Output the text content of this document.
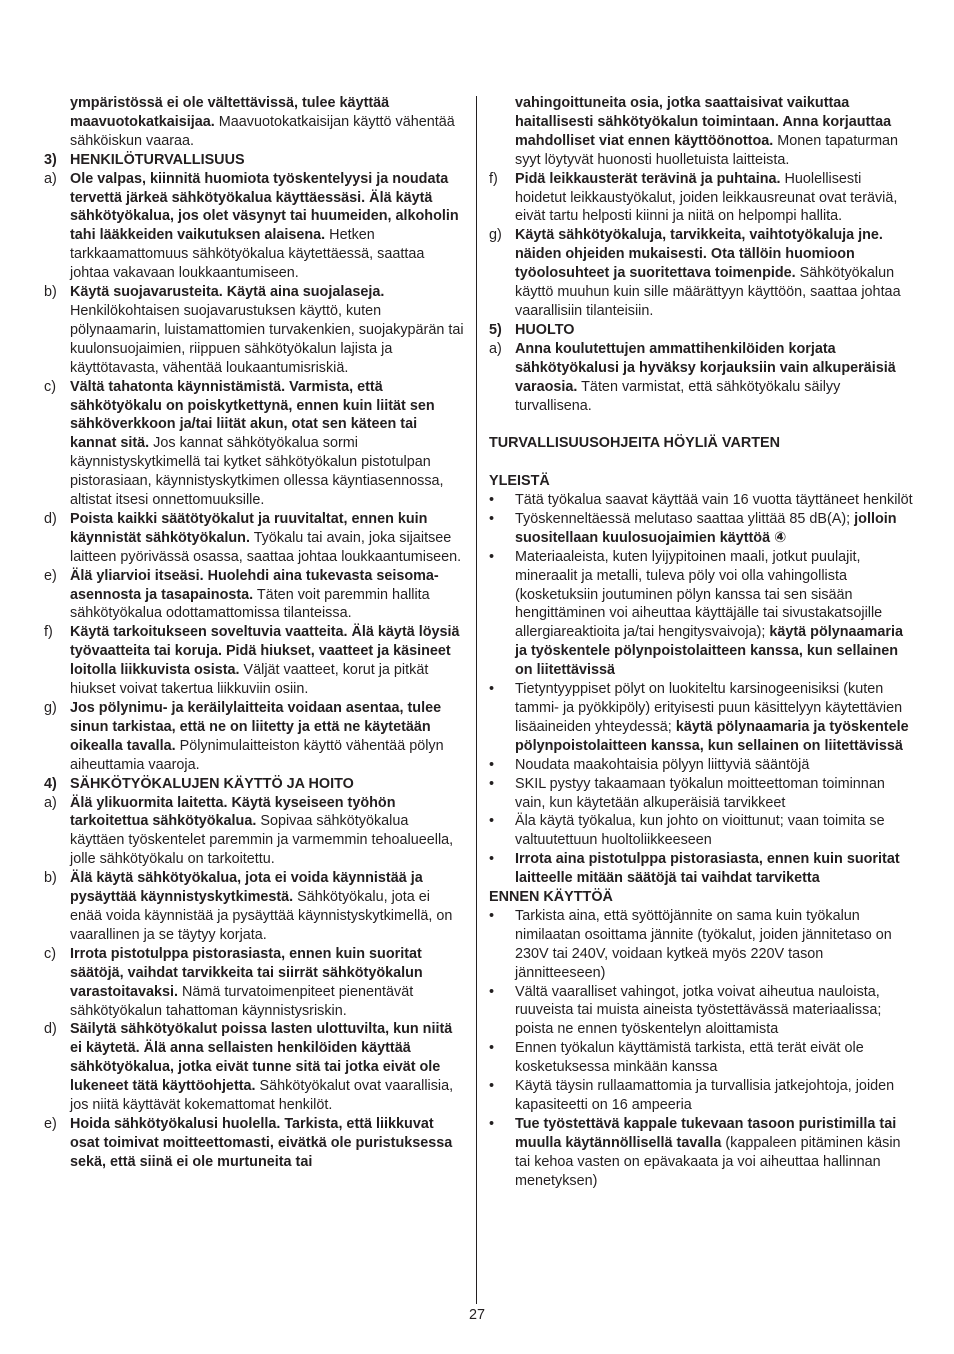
ympäristössä ei ole vältettävissä, tulee käyttää maavuotokatkaisijaa. Maavuotokatkaisijan käyttö vähentää sähköiskun vaaraa.

3) HENKILÖTURVALLISUUS
a) Ole valpas, kiinnitä huomiota työskentelyysi ja noudata tervettä järkeä sähkötyökalua käyttäessäsi. Älä käytä sähkötyökalua, jos olet väsynyt tai huumeiden, alkoholin tahi lääkkeiden vaikutuksen alaisena. Hetken tarkkaamattomuus sähkötyökalua käytettäessä, saattaa johtaa vakavaan loukkaantumiseen.
b) Käytä suojavarusteita. Käytä aina suojalaseja. Henkilökohtaisen suojavarustuksen käyttö, kuten pölynaamarin, luistamattomien turvakenkien, suojakypärän tai kuulonsuojaimien, riippuen sähkötyökalun lajista ja käyttötavasta, vähentää loukaantumisriskiä.
c) Vältä tahatonta käynnistämistä. Varmista, että sähkötyökalu on poiskytkettynä, ennen kuin liität sen sähköverkkoon ja/tai liität akun, otat sen käteen tai kannat sitä. Jos kannat sähkötyökalua sormi käynnistyskytkimellä tai kytket sähkötyökalun pistotulpan pistorasiaan, käynnistyskytkimen ollessa käyntiasennossa, altistat itsesi onnettomuuksille.
d) Poista kaikki säätötyökalut ja ruuvitaltat, ennen kuin käynnistät sähkötyökalun. Työkalu tai avain, joka sijaitsee laitteen pyörivässä osassa, saattaa johtaa loukkaantumiseen.
e) Älä yliarvioi itseäsi. Huolehdi aina tukevasta seisoma-asennosta ja tasapainosta. Täten voit paremmin hallita sähkötyökalua odottamattomissa tilanteissa.
f)	Käytä tarkoitukseen soveltuvia vaatteita. Älä käytä löysiä työvaatteita tai koruja. Pidä hiukset, vaatteet ja käsineet loitolla liikkuvista osista. Väljät vaatteet, korut ja pitkät hiukset voivat takertua liikkuviin osiin.
g) Jos pölynimu- ja keräilylaitteita voidaan asentaa, tulee sinun tarkistaa, että ne on liitetty ja että ne käytetään oikealla tavalla. Pölynimulaitteiston käyttö vähentää pölyn aiheuttamia vaaroja.
4) SÄHKÖTYÖKALUJEN KÄYTTÖ JA HOITO
a) Älä ylikuormita laitetta. Käytä kyseiseen työhön tarkoitettua sähkötyökalua. Sopivaa sähkötyökalua käyttäen työskentelet paremmin ja varmemmin tehoalueella, jolle sähkötyökalu on tarkoitettu.
b) Älä käytä sähkötyökalua, jota ei voida käynnistää ja pysäyttää käynnistyskytkimestä. Sähkötyökalu, jota ei enää voida käynnistää ja pysäyttää käynnistyskytkimellä, on vaarallinen ja se täytyy korjata.
c) Irrota pistotulppa pistorasiasta, ennen kuin suoritat säätöjä, vaihdat tarvikkeita tai siirrät sähkötyökalun varastoitavaksi. Nämä turvatoimenpiteet pienentävät sähkötyökalun tahattoman käynnistysriskin.
d) Säilytä sähkötyökalut poissa lasten ulottuvilta, kun niitä ei käytetä. Älä anna sellaisten henkilöiden käyttää sähkötyökalua, jotka eivät tunne sitä tai jotka eivät ole lukeneet tätä käyttöohjetta. Sähkötyökalut ovat vaarallisia, jos niitä käyttävät kokemattomat henkilöt.
e) Hoida sähkötyökalusi huolella. Tarkista, että liikkuvat osat toimivat moitteettomasti, eivätkä ole puristuksessa sekä, että siinä ei ole murtuneita tai

vahingoittuneita osia, jotka saattaisivat vaikuttaa haitallisesti sähkötyökalun toimintaan. Anna korjauttaa mahdolliset viat ennen käyttöönottoa. Monen tapaturman syyt löytyvät huonosti huolletuista laitteista.

f)	Pidä leikkausterät terävinä ja puhtaina. Huolellisesti hoidetut leikkaustyökalut, joiden leikkausreunat ovat teräviä, eivät tartu helposti kiinni ja niitä on helpompi hallita.
g) Käytä sähkötyökaluja, tarvikkeita, vaihtotyökaluja jne. näiden ohjeiden mukaisesti. Ota tällöin huomioon työolosuhteet ja suoritettava toimenpide. Sähkötyökalun käyttö muuhun kuin sille määrättyyn käyttöön, saattaa johtaa vaarallisiin tilanteisiin.
5) HUOLTO
a) Anna koulutettujen ammattihenkilöiden korjata sähkötyökalusi ja hyväksy korjauksiin vain alkuperäisiä varaosia. Täten varmistat, että sähkötyökalu säilyy turvallisena.

TURVALLISUUSOHJEITA HÖYLIÄ VARTEN

YLEISTÄ

•	Tätä työkalua saavat käyttää vain 16 vuotta täyttäneet henkilöt
•	Työskenneltäessä melutaso saattaa ylittää 85 dB(A); jolloin suositellaan kuulosuojaimien käyttöä ④
•	Materiaaleista, kuten lyijypitoinen maali, jotkut puulajit, mineraalit ja metalli, tuleva pöly voi olla vahingollista (kosketuksiin joutuminen pölyn kanssa tai sen sisään hengittäminen voi aiheuttaa käyttäjälle tai sivustakatsojille allergiareaktioita ja/tai hengitysvaivoja); käytä pölynaamaria ja työskentele pölynpoistolaitteen kanssa, kun sellainen on liitettävissä
•	Tietyntyyppiset pölyt on luokiteltu karsinogeenisiksi (kuten tammi- ja pyökkipöly) erityisesti puun käsittelyyn käytettävien lisäaineiden yhteydessä; käytä pölynaamaria ja työskentele pölynpoistolaitteen kanssa, kun sellainen on liitettävissä
•	Noudata maakohtaisia pölyyn liittyviä sääntöjä
•	SKIL pystyy takaamaan työkalun moitteettoman toiminnan vain, kun käytetään alkuperäisiä tarvikkeet
•	Äla käytä työkalua, kun johto on vioittunut; vaan toimita se valtuutettuun huoltoliikkeeseen
•	Irrota aina pistotulppa pistorasiasta, ennen kuin suoritat laitteelle mitään säätöjä tai vaihdat tarviketta

ENNEN KÄYTTÖÄ

•	Tarkista aina, että syöttöjännite on sama kuin työkalun nimilaatan osoittama jännite (työkalut, joiden jännitetaso on 230V tai 240V, voidaan kytkeä myös 220V tason jännitteeseen)
•	Vältä vaaralliset vahingot, jotka voivat aiheutua nauloista, ruuveista tai muista aineista työstettävässä materiaalissa; poista ne ennen työskentelyn aloittamista
•	Ennen työkalun käyttämistä tarkista, että terät eivät ole kosketuksessa minkään kanssa
•	Käytä täysin rullaamattomia ja turvallisia jatkejohtoja, joiden kapasiteetti on 16 ampeeria
•	Tue työstettävä kappale tukevaan tasoon puristimilla tai muulla käytännöllisellä tavalla (kappaleen pitäminen käsin tai kehoa vasten on epävakaata ja voi aiheuttaa hallinnan menetyksen)
27
